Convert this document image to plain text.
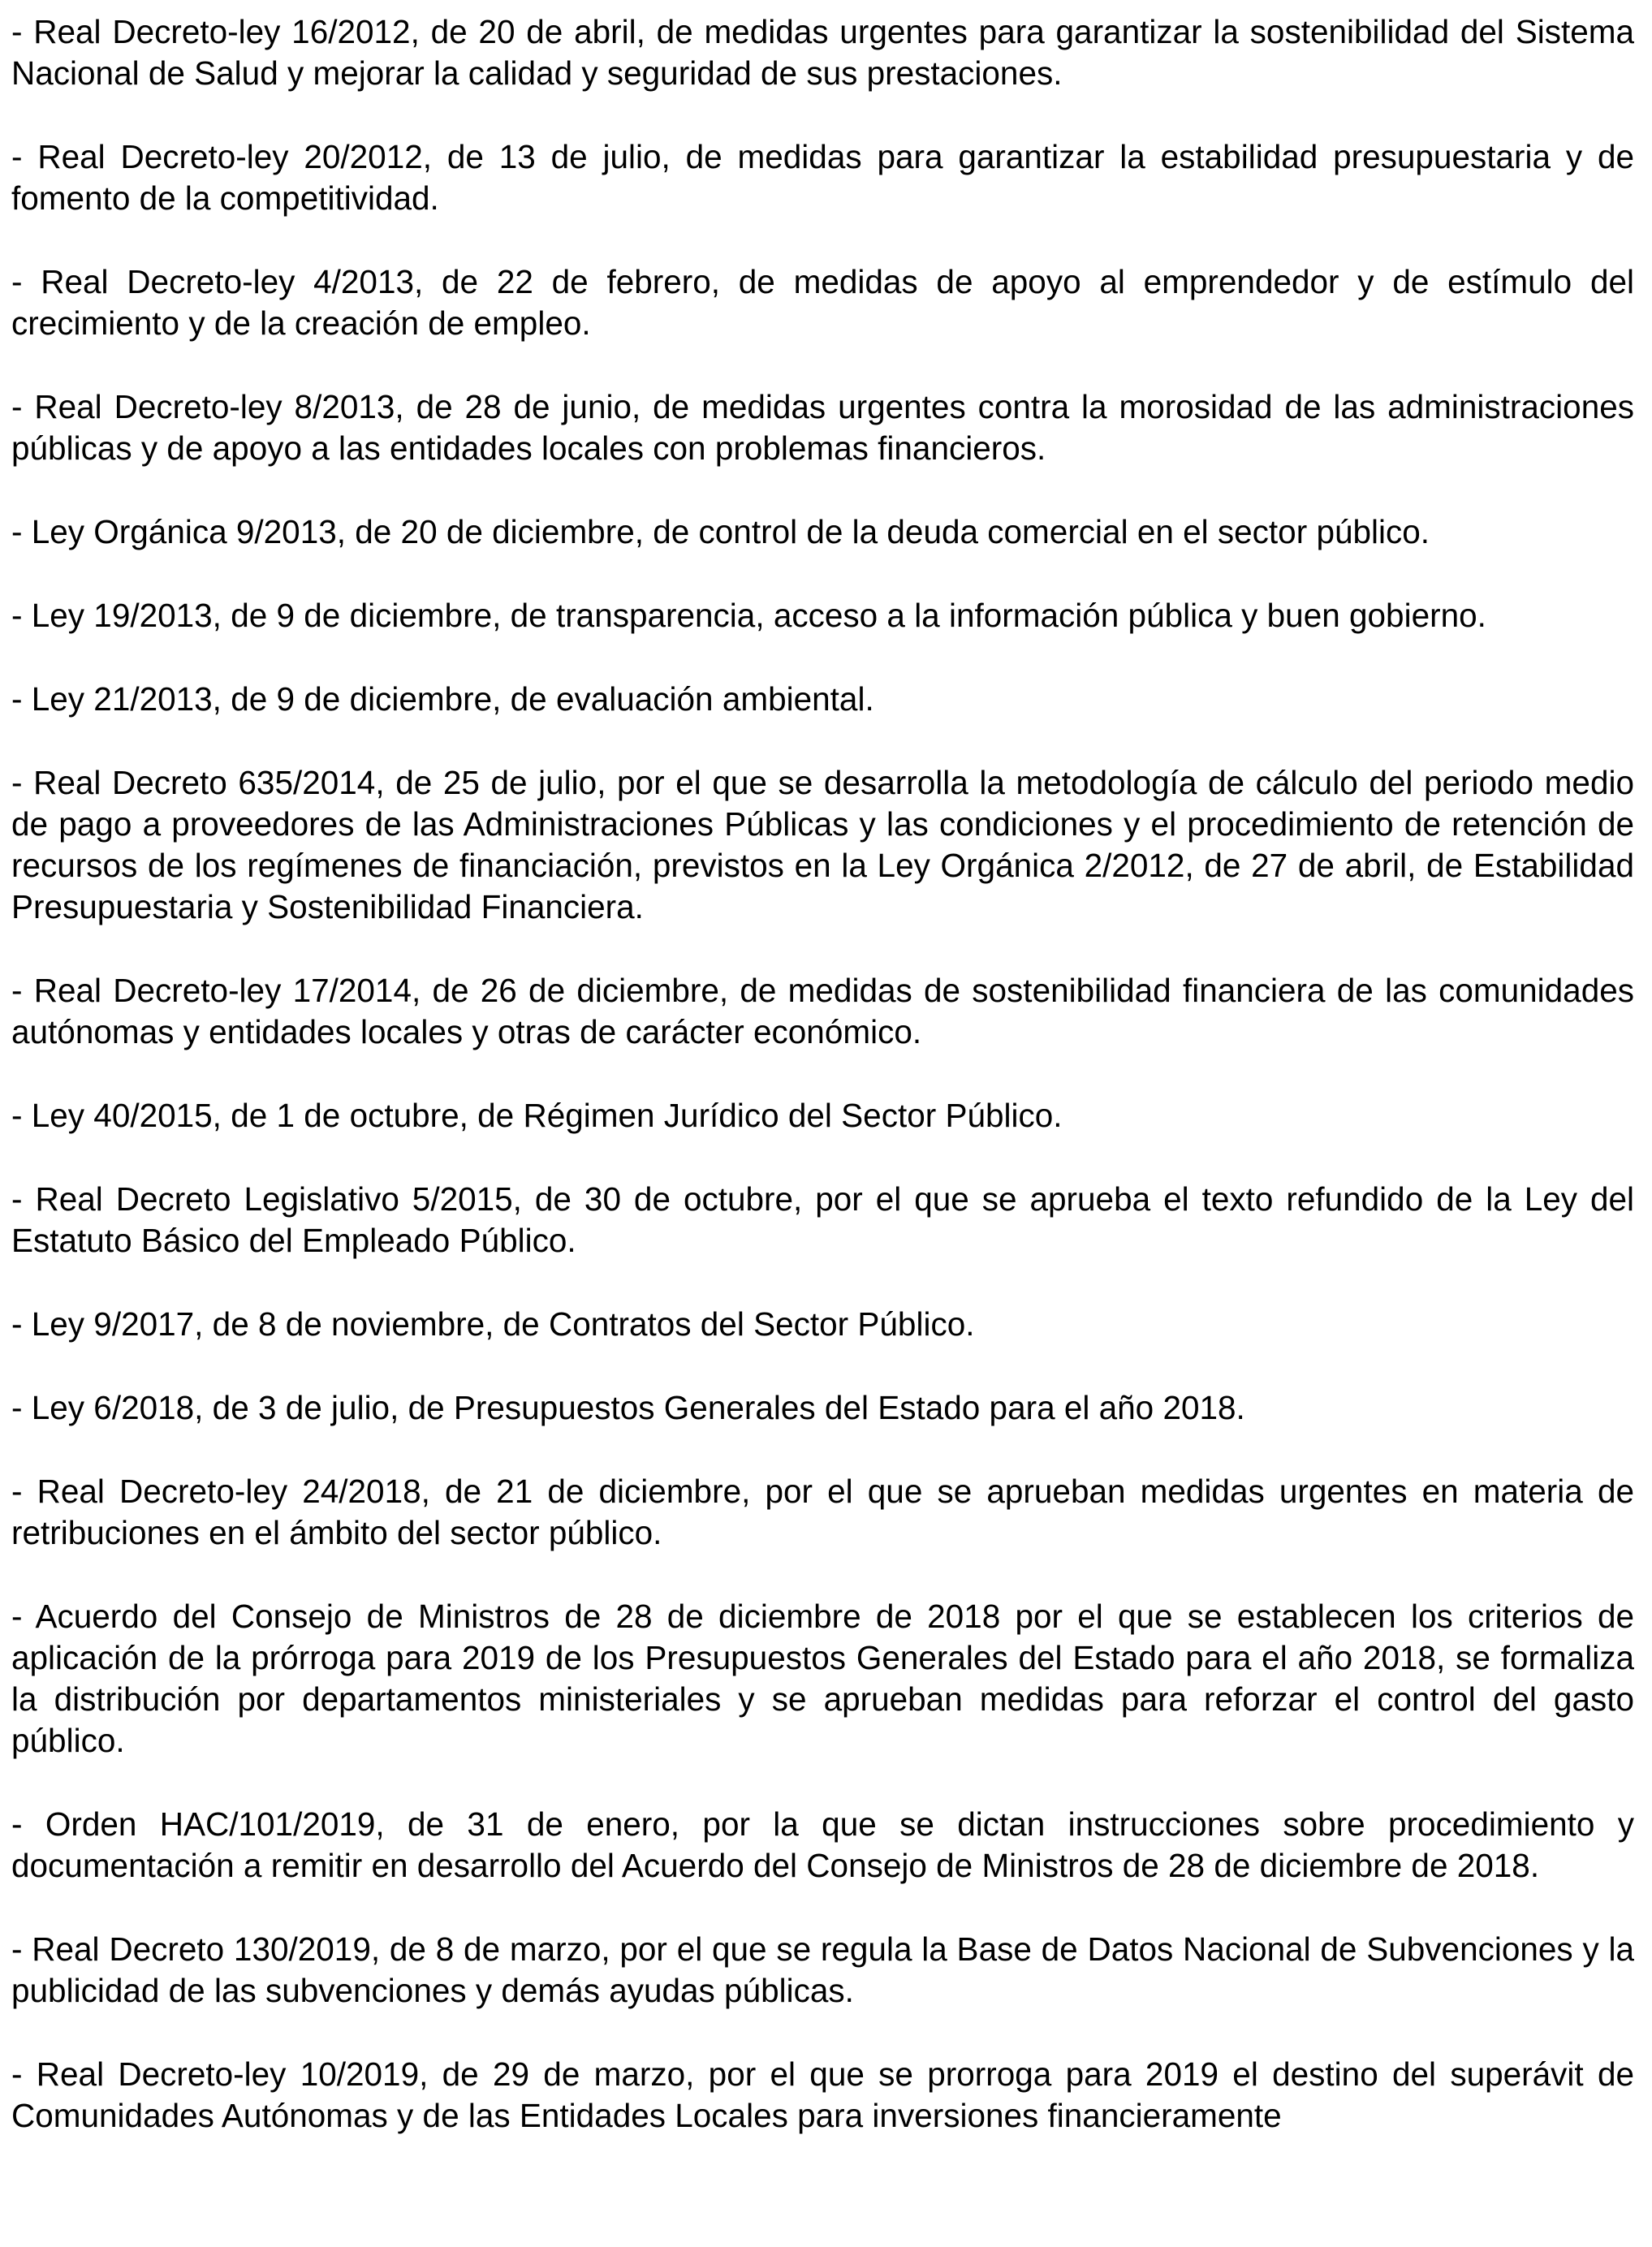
- Real Decreto-ley 16/2012, de 20 de abril, de medidas urgentes para garantizar la sostenibilidad del Sistema Nacional de Salud y mejorar la calidad y seguridad de sus prestaciones.
- Real Decreto-ley 20/2012, de 13 de julio, de medidas para garantizar la estabilidad presupuestaria y de fomento de la competitividad.
- Real Decreto-ley 4/2013, de 22 de febrero, de medidas de apoyo al emprendedor y de estímulo del crecimiento y de la creación de empleo.
- Real Decreto-ley 8/2013, de 28 de junio, de medidas urgentes contra la morosidad de las administraciones públicas y de apoyo a las entidades locales con problemas financieros.
- Ley Orgánica 9/2013, de 20 de diciembre, de control de la deuda comercial en el sector público.
- Ley 19/2013, de 9 de diciembre, de transparencia, acceso a la información pública y buen gobierno.
- Ley 21/2013, de 9 de diciembre, de evaluación ambiental.
- Real Decreto 635/2014, de 25 de julio, por el que se desarrolla la metodología de cálculo del periodo medio de pago a proveedores de las Administraciones Públicas y las condiciones y el procedimiento de retención de recursos de los regímenes de financiación, previstos en la Ley Orgánica 2/2012, de 27 de abril, de Estabilidad Presupuestaria y Sostenibilidad Financiera.
- Real Decreto-ley 17/2014, de 26 de diciembre, de medidas de sostenibilidad financiera de las comunidades autónomas y entidades locales y otras de carácter económico.
- Ley 40/2015, de 1 de octubre, de Régimen Jurídico del Sector Público.
- Real Decreto Legislativo 5/2015, de 30 de octubre, por el que se aprueba el texto refundido de la Ley del Estatuto Básico del Empleado Público.
- Ley 9/2017, de 8 de noviembre, de Contratos del Sector Público.
- Ley 6/2018, de 3 de julio, de Presupuestos Generales del Estado para el año 2018.
- Real Decreto-ley 24/2018, de 21 de diciembre, por el que se aprueban medidas urgentes en materia de retribuciones en el ámbito del sector público.
- Acuerdo del Consejo de Ministros de 28 de diciembre de 2018 por el que se establecen los criterios de aplicación de la prórroga para 2019 de los Presupuestos Generales del Estado para el año 2018, se formaliza la distribución por departamentos ministeriales y se aprueban medidas para reforzar el control del gasto público.
- Orden HAC/101/2019, de 31 de enero, por la que se dictan instrucciones sobre procedimiento y documentación a remitir en desarrollo del Acuerdo del Consejo de Ministros de 28 de diciembre de 2018.
- Real Decreto 130/2019, de 8 de marzo, por el que se regula la Base de Datos Nacional de Subvenciones y la publicidad de las subvenciones y demás ayudas públicas.
- Real Decreto-ley 10/2019, de 29 de marzo, por el que se prorroga para 2019 el destino del superávit de Comunidades Autónomas y de las Entidades Locales para inversiones financieramente
